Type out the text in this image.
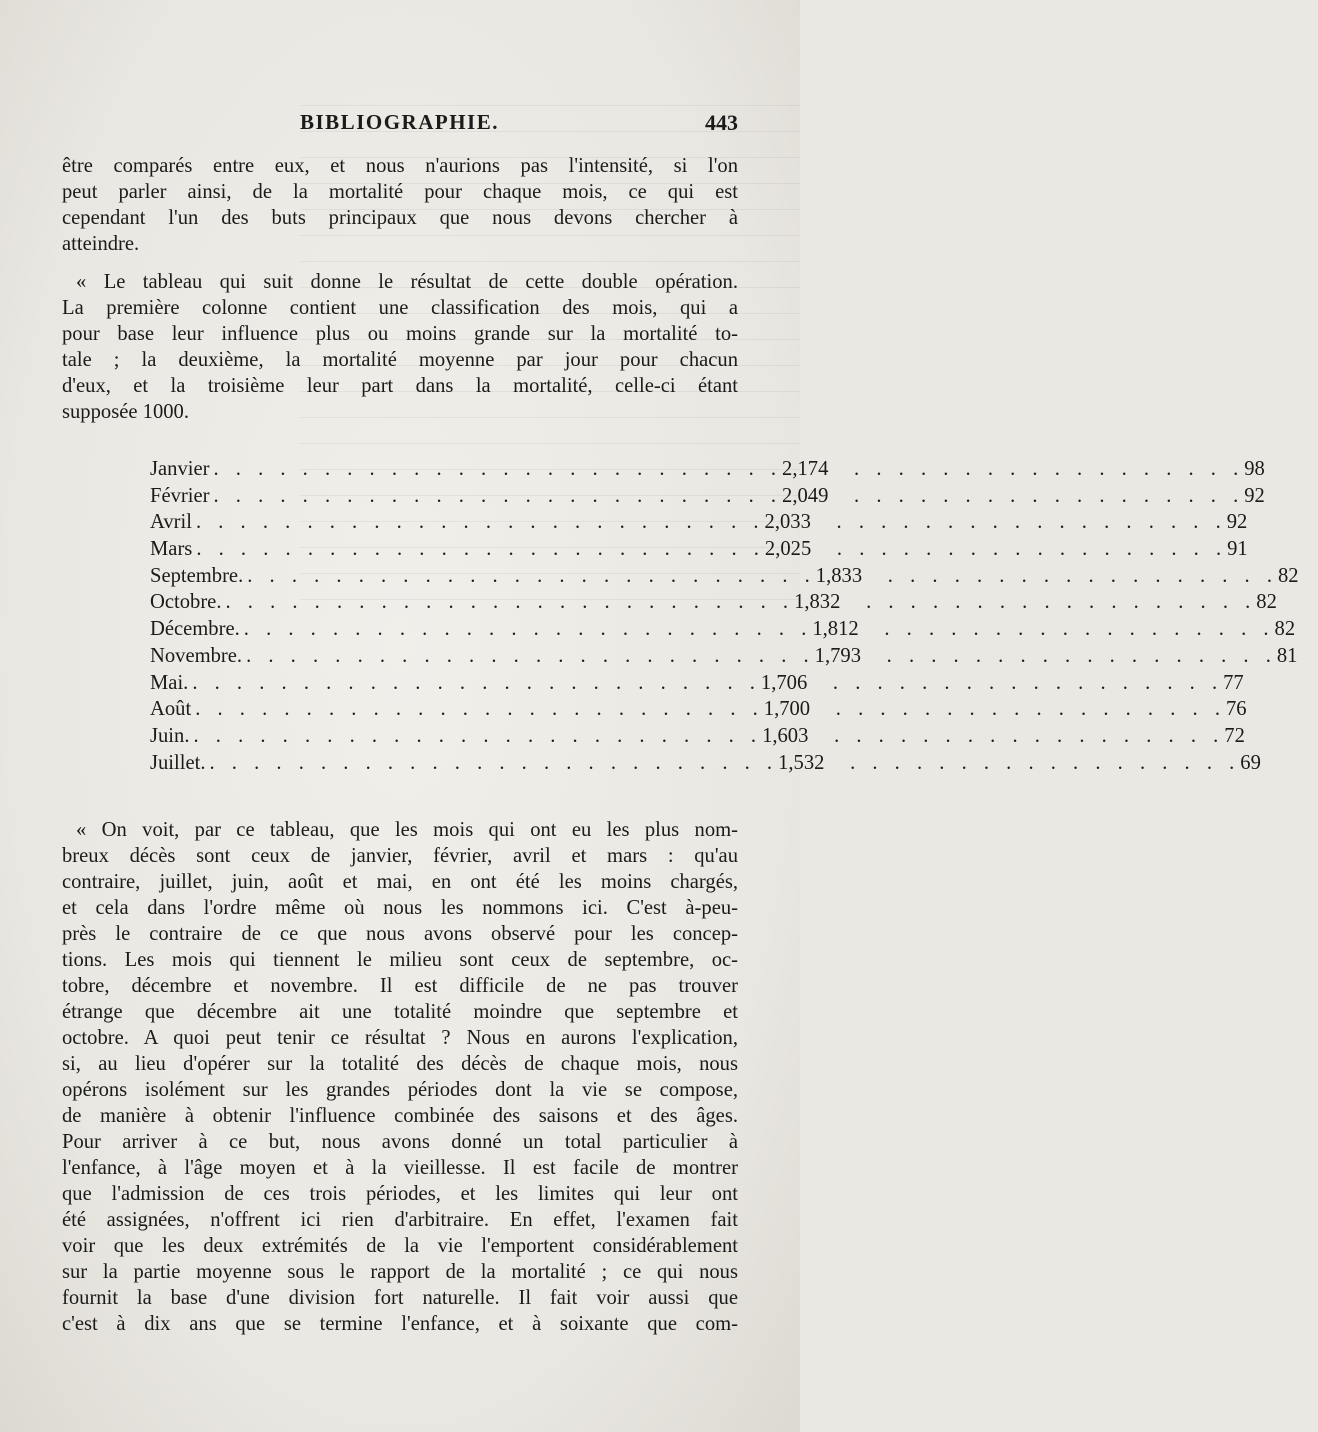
BIBLIOGRAPHIE.	443

être comparés entre eux, et nous n'aurions pas l'intensité, si l'on
peut parler ainsi, de la mortalité pour chaque mois, ce qui est
cependant l'un des buts principaux que nous devons chercher à
atteindre.

« Le tableau qui suit donne le résultat de cette double opération.
La première colonne contient une classification des mois, qui a
pour base leur influence plus ou moins grande sur la mortalité to-
tale ; la deuxième, la mortalité moyenne par jour pour chacun
d'eux, et la troisième leur part dans la mortalité, celle-ci étant
supposée 1000.

Janvier . . . . . . . . . . . . . . . . . . . . . . . . . . 2,174	. . . . . . . . . . . . . . . . . . 98
Février . . . . . . . . . . . . . . . . . . . . . . . . . . 2,049	. . . . . . . . . . . . . . . . . . 92
Avril . . . . . . . . . . . . . . . . . . . . . . . . . . 2,033	. . . . . . . . . . . . . . . . . . 92
Mars . . . . . . . . . . . . . . . . . . . . . . . . . . 2,025	. . . . . . . . . . . . . . . . . . 91
Septembre. . . . . . . . . . . . . . . . . . . . . . . . . . . 1,833	. . . . . . . . . . . . . . . . . . 82
Octobre. . . . . . . . . . . . . . . . . . . . . . . . . . . 1,832	. . . . . . . . . . . . . . . . . . 82
Décembre. . . . . . . . . . . . . . . . . . . . . . . . . . . 1,812	. . . . . . . . . . . . . . . . . . 82
Novembre. . . . . . . . . . . . . . . . . . . . . . . . . . . 1,793	. . . . . . . . . . . . . . . . . . 81
Mai. . . . . . . . . . . . . . . . . . . . . . . . . . . 1,706	. . . . . . . . . . . . . . . . . . 77
Août . . . . . . . . . . . . . . . . . . . . . . . . . . 1,700	. . . . . . . . . . . . . . . . . . 76
Juin. . . . . . . . . . . . . . . . . . . . . . . . . . . 1,603	. . . . . . . . . . . . . . . . . . 72
Juillet. . . . . . . . . . . . . . . . . . . . . . . . . . . 1,532	. . . . . . . . . . . . . . . . . . 69

« On voit, par ce tableau, que les mois qui ont eu les plus nom-
breux décès sont ceux de janvier, février, avril et mars : qu'au
contraire, juillet, juin, août et mai, en ont été les moins chargés,
et cela dans l'ordre même où nous les nommons ici. C'est à-peu-
près le contraire de ce que nous avons observé pour les concep-
tions. Les mois qui tiennent le milieu sont ceux de septembre, oc-
tobre, décembre et novembre. Il est difficile de ne pas trouver
étrange que décembre ait une totalité moindre que septembre et
octobre. A quoi peut tenir ce résultat ? Nous en aurons l'explication,
si, au lieu d'opérer sur la totalité des décès de chaque mois, nous
opérons isolément sur les grandes périodes dont la vie se compose,
de manière à obtenir l'influence combinée des saisons et des âges.
Pour arriver à ce but, nous avons donné un total particulier à
l'enfance, à l'âge moyen et à la vieillesse. Il est facile de montrer
que l'admission de ces trois périodes, et les limites qui leur ont
été assignées, n'offrent ici rien d'arbitraire. En effet, l'examen fait
voir que les deux extrémités de la vie l'emportent considérablement
sur la partie moyenne sous le rapport de la mortalité ; ce qui nous
fournit la base d'une division fort naturelle. Il fait voir aussi que
c'est à dix ans que se termine l'enfance, et à soixante que com-
